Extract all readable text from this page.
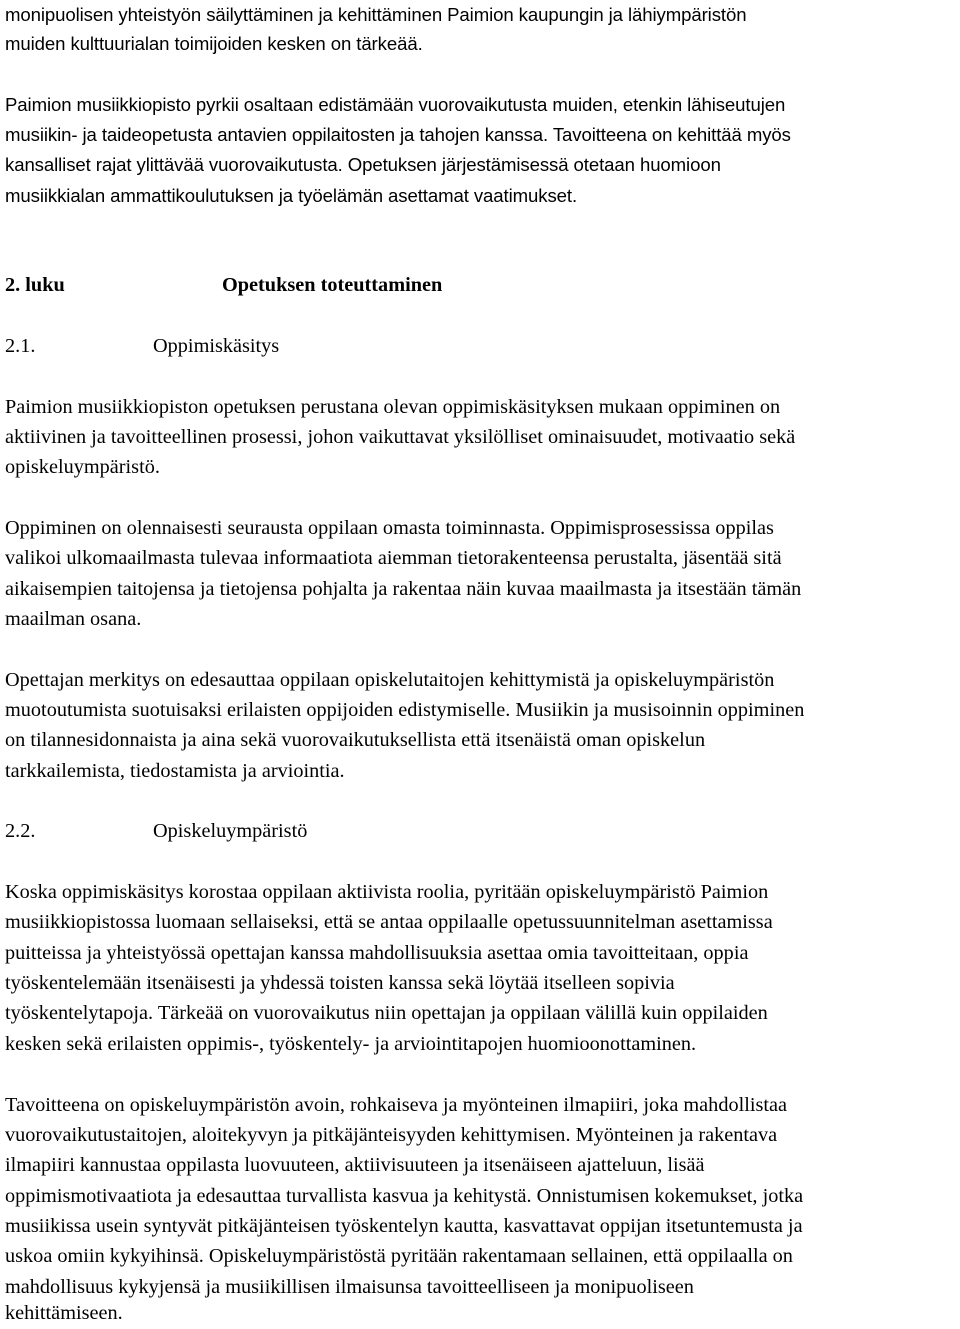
monipuolisen yhteistyön säilyttäminen ja kehittäminen Paimion kaupungin ja lähiympäristön
muiden kulttuurialan toimijoiden kesken on tärkeää.
Paimion musiikkiopisto pyrkii osaltaan edistämään vuorovaikutusta muiden, etenkin lähiseutujen
musiikin- ja taideopetusta antavien oppilaitosten ja tahojen kanssa. Tavoitteena on kehittää myös
kansalliset rajat ylittävää vuorovaikutusta. Opetuksen järjestämisessä otetaan huomioon
musiikkialan ammattikoulutuksen ja työelämän asettamat vaatimukset.
2. luku	Opetuksen toteuttaminen
2.1.	Oppimiskäsitys
Paimion musiikkiopiston opetuksen perustana olevan oppimiskäsityksen mukaan oppiminen on
aktiivinen ja tavoitteellinen prosessi, johon vaikuttavat yksilölliset ominaisuudet, motivaatio sekä
opiskeluympäristö.
Oppiminen on olennaisesti seurausta oppilaan omasta toiminnasta. Oppimisprosessissa oppilas
valikoi ulkomaailmasta tulevaa informaatiota aiemman tietorakenteensa perustalta, jäsentää sitä
aikaisempien taitojensa ja tietojensa pohjalta ja rakentaa näin kuvaa maailmasta ja itsestään tämän
maailman osana.
Opettajan merkitys on edesauttaa oppilaan opiskelutaitojen kehittymistä ja opiskeluympäristön
muotoutumista suotuisaksi erilaisten oppijoiden edistymiselle. Musiikin ja musisoinnin oppiminen
on tilannesidonnaista ja aina sekä vuorovaikutuksellista että itsenäistä oman opiskelun
tarkkailemista, tiedostamista ja arviointia.
2.2.	Opiskeluympäristö
Koska oppimiskäsitys korostaa oppilaan aktiivista roolia, pyritään opiskeluympäristö Paimion
musiikkiopistossa luomaan sellaiseksi, että se antaa oppilaalle opetussuunnitelman asettamissa
puitteissa ja yhteistyössä opettajan kanssa mahdollisuuksia asettaa omia tavoitteitaan, oppia
työskentelemään itsenäisesti ja yhdessä toisten kanssa sekä löytää itselleen sopivia
työskentelytapoja. Tärkeää on vuorovaikutus niin opettajan ja oppilaan välillä kuin oppilaiden
kesken sekä erilaisten oppimis-, työskentely- ja arviointitapojen huomioonottaminen.
Tavoitteena on opiskeluympäristön avoin, rohkaiseva ja myönteinen ilmapiiri, joka mahdollistaa
vuorovaikutustaitojen, aloitekyvyn ja pitkäjänteisyyden kehittymisen. Myönteinen ja rakentava
ilmapiiri kannustaa oppilasta luovuuteen, aktiivisuuteen ja itsenäiseen ajatteluun, lisää
oppimismotivaatiota ja edesauttaa turvallista kasvua ja kehitystä. Onnistumisen kokemukset, jotka
musiikissa usein syntyvät pitkäjänteisen työskentelyn kautta, kasvattavat oppijan itsetuntemusta ja
uskoa omiin kykyihinsä. Opiskeluympäristöstä pyritään rakentamaan sellainen, että oppilaalla on
mahdollisuus kykyjensä ja musiikillisen ilmaisunsa tavoitteelliseen ja monipuoliseen
kehittämiseen.
